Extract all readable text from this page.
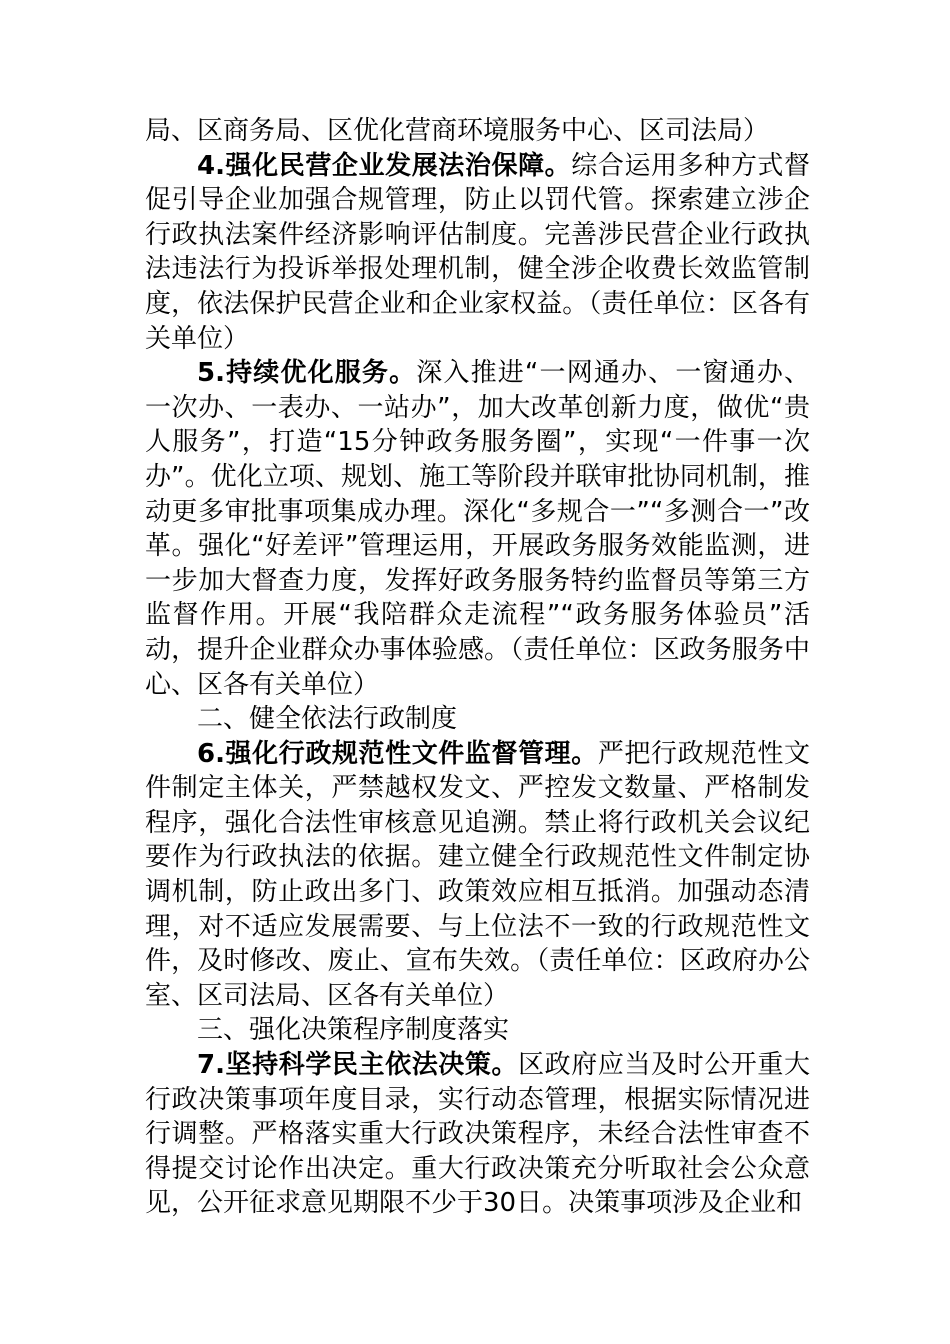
局、区商务局、区优化营商环境服务中心、区司法局）

4.强化民营企业发展法治保障。综合运用多种方式督促引导企业加强合规管理，防止以罚代管。探索建立涉企行政执法案件经济影响评估制度。完善涉民营企业行政执法违法行为投诉举报处理机制，健全涉企收费长效监管制度，依法保护民营企业和企业家权益。（责任单位：区各有关单位）

5.持续优化服务。深入推进“一网通办、一窗通办、一次办、一表办、一站办”，加大改革创新力度，做优“贵人服务”，打造“15分钟政务服务圈”，实现“一件事一次办”。优化立项、规划、施工等阶段并联审批协同机制，推动更多审批事项集成办理。深化“多规合一”“多测合一”改革。强化“好差评”管理运用，开展政务服务效能监测，进一步加大督查力度，发挥好政务服务特约监督员等第三方监督作用。开展“我陪群众走流程”“政务服务体验员”活动，提升企业群众办事体验感。（责任单位：区政务服务中心、区各有关单位）

二、健全依法行政制度

6.强化行政规范性文件监督管理。严把行政规范性文件制定主体关，严禁越权发文、严控发文数量、严格制发程序，强化合法性审核意见追溯。禁止将行政机关会议纪要作为行政执法的依据。建立健全行政规范性文件制定协调机制，防止政出多门、政策效应相互抵消。加强动态清理，对不适应发展需要、与上位法不一致的行政规范性文件，及时修改、废止、宣布失效。（责任单位：区政府办公室、区司法局、区各有关单位）

三、强化决策程序制度落实

7.坚持科学民主依法决策。区政府应当及时公开重大行政决策事项年度目录，实行动态管理，根据实际情况进行调整。严格落实重大行政决策程序，未经合法性审查不得提交讨论作出决定。重大行政决策充分听取社会公众意见，公开征求意见期限不少于30日。决策事项涉及企业和
